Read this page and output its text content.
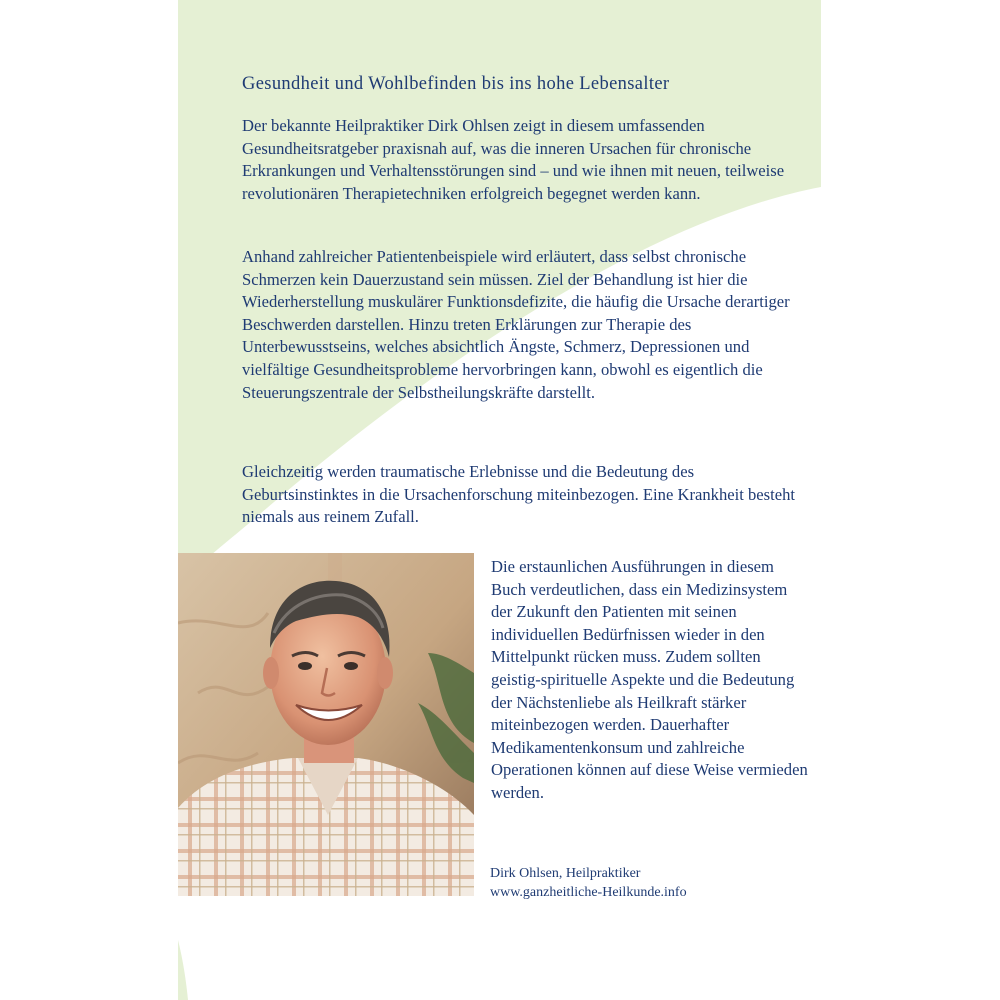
Gesundheit und Wohlbefinden bis ins hohe Lebensalter

Der bekannte Heilpraktiker Dirk Ohlsen zeigt in diesem umfassenden Gesundheitsratgeber praxisnah auf, was die inneren Ursachen für chronische Erkrankungen und Verhaltensstörungen sind – und wie ihnen mit neuen, teilweise revolutionären Therapietechniken erfolgreich begegnet werden kann.

Anhand zahlreicher Patientenbeispiele wird erläutert, dass selbst chronische Schmerzen kein Dauerzustand sein müssen. Ziel der Behandlung ist hier die Wiederherstellung muskulärer Funktionsdefizite, die häufig die Ursache derartiger Beschwerden darstellen. Hinzu treten Erklärungen zur Therapie des Unterbewusstseins, welches absichtlich Ängste, Schmerz, Depressionen und vielfältige Gesundheitsprobleme hervorbringen kann, obwohl es eigentlich die Steuerungszentrale der Selbstheilungskräfte darstellt.

Gleichzeitig werden traumatische Erlebnisse und die Bedeutung des Geburtsinstinktes in die Ursachenforschung miteinbezogen. Eine Krankheit besteht niemals aus reinem Zufall.

Die erstaunlichen Ausführungen in diesem Buch verdeutlichen, dass ein Medizinsystem der Zukunft den Patienten mit seinen individuellen Bedürfnissen wieder in den Mittelpunkt rücken muss. Zudem sollten geistig-spirituelle Aspekte und die Bedeutung der Nächstenliebe als Heilkraft stärker miteinbezogen werden. Dauerhafter Medikamentenkonsum und zahlreiche Operationen können auf diese Weise vermieden werden.

Dirk Ohlsen, Heilpraktiker
www.ganzheitliche-Heilkunde.info
